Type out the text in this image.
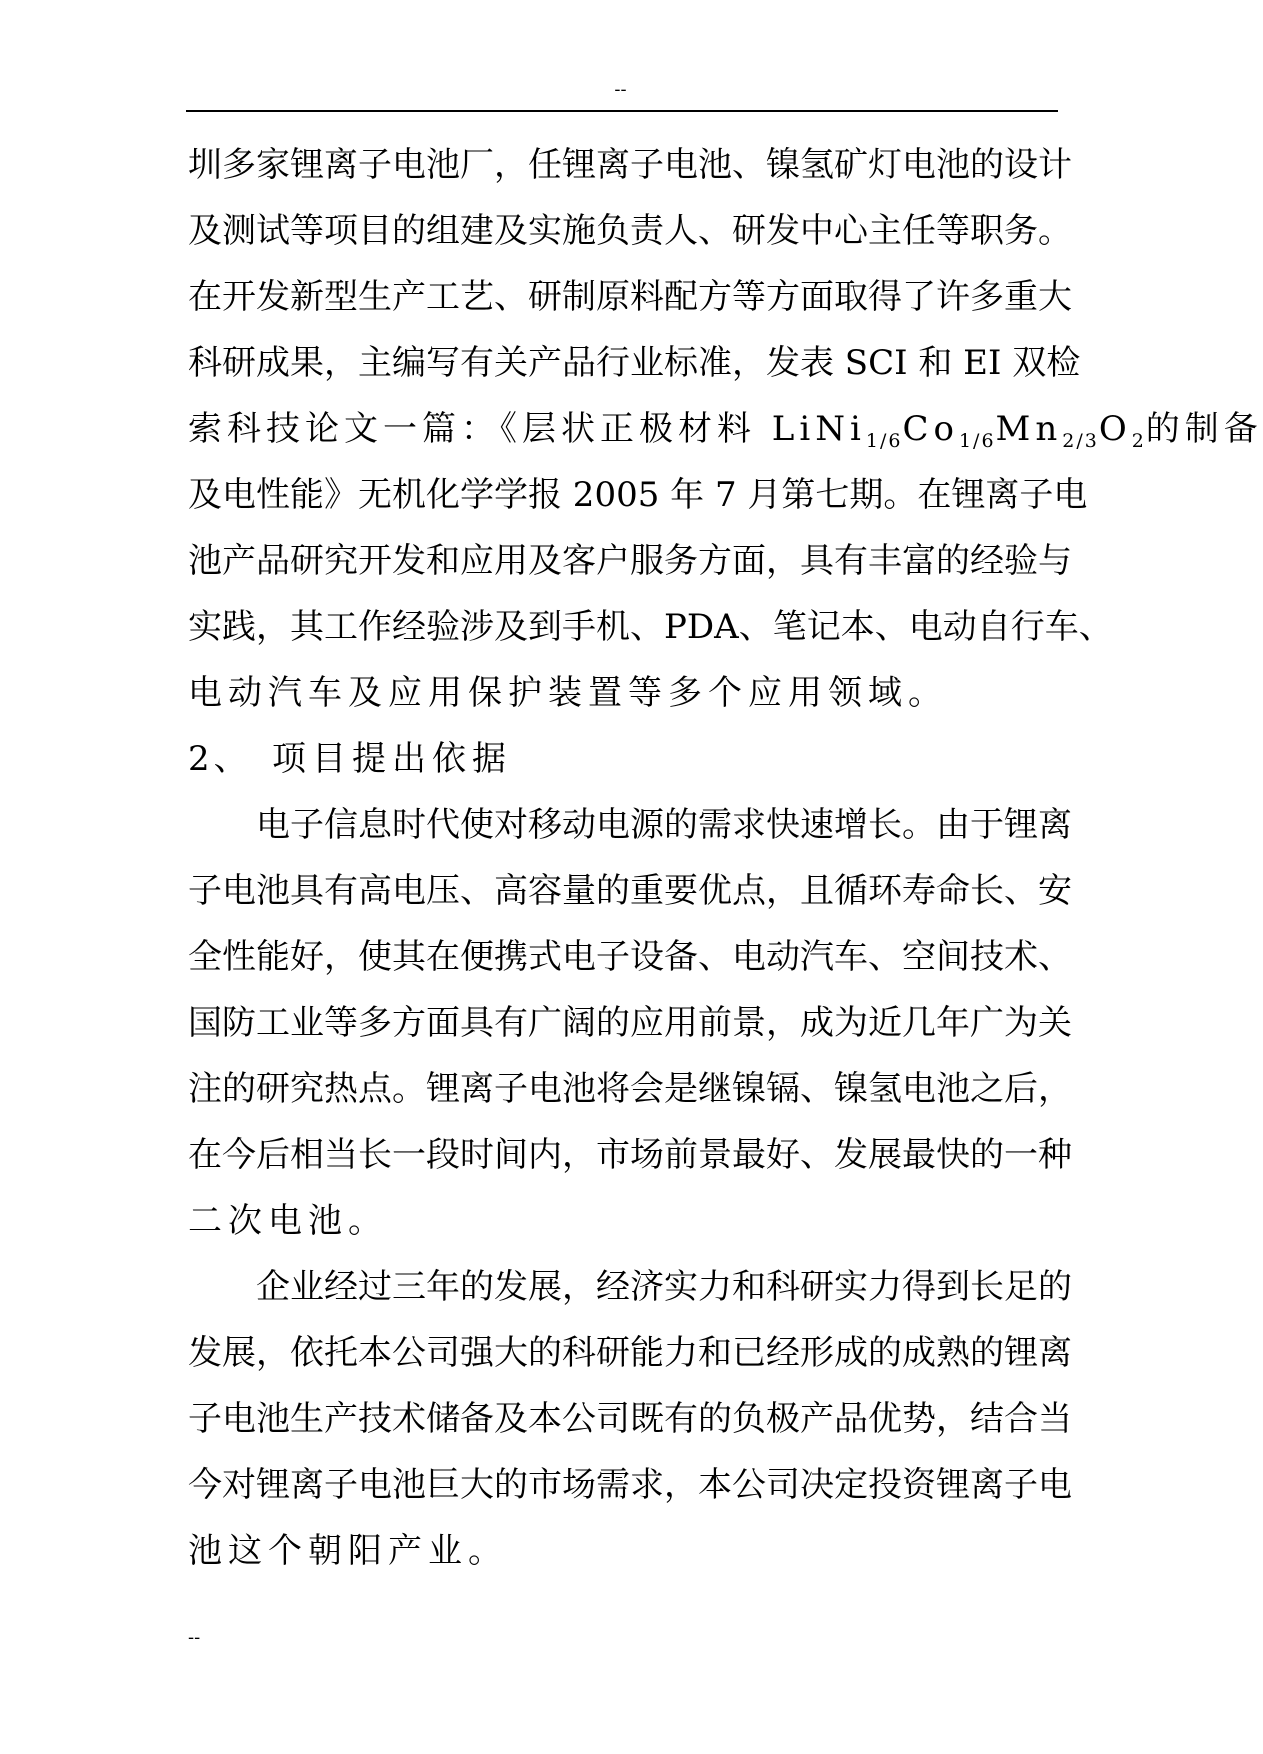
--
圳多家锂离子电池厂，任锂离子电池、镍氢矿灯电池的设计
及测试等项目的组建及实施负责人、研发中心主任等职务。
在开发新型生产工艺、研制原料配方等方面取得了许多重大
科研成果，主编写有关产品行业标准，发表 SCI 和 EI 双检
索科技论文一篇：《层状正极材料 $LiNi_{1/6}Co_{1/6}Mn_{2/3}O_2$的制备
及电性能》无机化学学报 2005 年 7 月第七期。在锂离子电
池产品研究开发和应用及客户服务方面，具有丰富的经验与
实践，其工作经验涉及到手机、PDA、笔记本、电动自行车、
电动汽车及应用保护装置等多个应用领域。
2、 项目提出依据
电子信息时代使对移动电源的需求快速增长。由于锂离
子电池具有高电压、高容量的重要优点，且循环寿命长、安
全性能好，使其在便携式电子设备、电动汽车、空间技术、
国防工业等多方面具有广阔的应用前景，成为近几年广为关
注的研究热点。锂离子电池将会是继镍镉、镍氢电池之后，
在今后相当长一段时间内，市场前景最好、发展最快的一种
二次电池。
企业经过三年的发展，经济实力和科研实力得到长足的
发展，依托本公司强大的科研能力和已经形成的成熟的锂离
子电池生产技术储备及本公司既有的负极产品优势，结合当
今对锂离子电池巨大的市场需求，本公司决定投资锂离子电
池这个朝阳产业。
--
